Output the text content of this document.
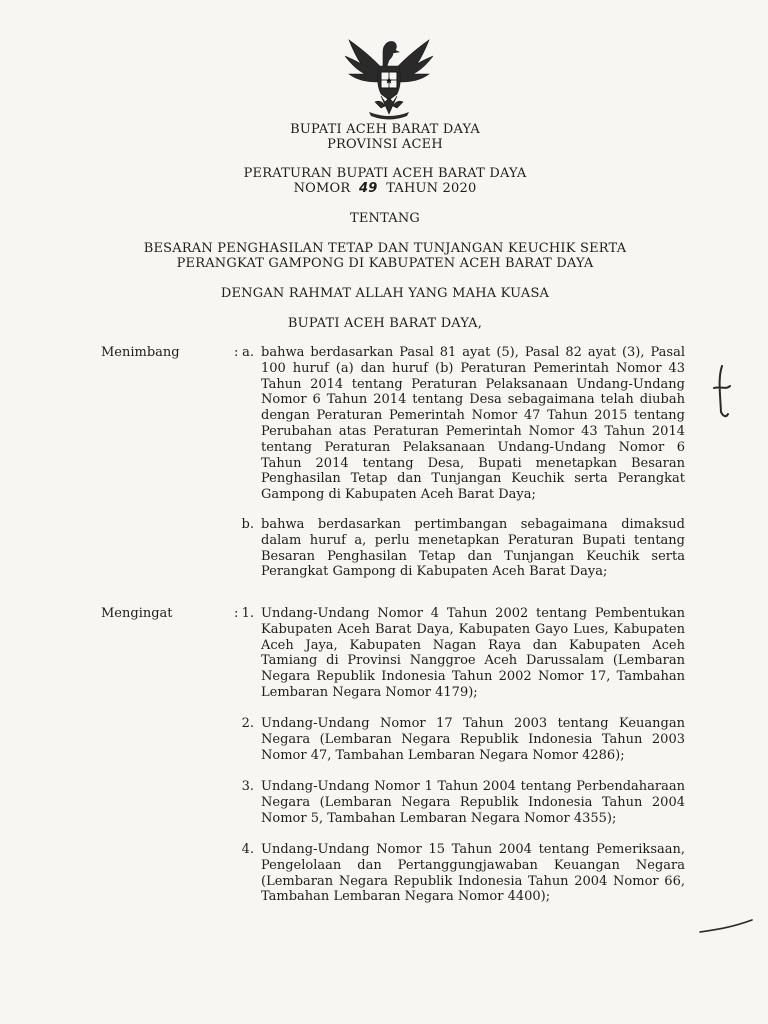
BUPATI ACEH BARAT DAYA
PROVINSI ACEH
PERATURAN BUPATI ACEH BARAT DAYA
NOMOR 49 TAHUN 2020
TENTANG
BESARAN PENGHASILAN TETAP DAN TUNJANGAN KEUCHIK SERTA
PERANGKAT GAMPONG DI KABUPATEN ACEH BARAT DAYA
DENGAN RAHMAT ALLAH YANG MAHA KUASA
BUPATI ACEH BARAT DAYA,
Menimbang	: a. bahwa berdasarkan Pasal 81 ayat (5), Pasal 82 ayat (3), Pasal 100 huruf (a) dan huruf (b) Peraturan Pemerintah Nomor 43 Tahun 2014 tentang Peraturan Pelaksanaan Undang-Undang Nomor 6 Tahun 2014 tentang Desa sebagaimana telah diubah dengan Peraturan Pemerintah Nomor 47 Tahun 2015 tentang Perubahan atas Peraturan Pemerintah Nomor 43 Tahun 2014 tentang Peraturan Pelaksanaan Undang-Undang Nomor 6 Tahun 2014 tentang Desa, Bupati menetapkan Besaran Penghasilan Tetap dan Tunjangan Keuchik serta Perangkat Gampong di Kabupaten Aceh Barat Daya;
b. bahwa berdasarkan pertimbangan sebagaimana dimaksud dalam huruf a, perlu menetapkan Peraturan Bupati tentang Besaran Penghasilan Tetap dan Tunjangan Keuchik serta Perangkat Gampong di Kabupaten Aceh Barat Daya;
Mengingat	: 1. Undang-Undang Nomor 4 Tahun 2002 tentang Pembentukan Kabupaten Aceh Barat Daya, Kabupaten Gayo Lues, Kabupaten Aceh Jaya, Kabupaten Nagan Raya dan Kabupaten Aceh Tamiang di Provinsi Nanggroe Aceh Darussalam (Lembaran Negara Republik Indonesia Tahun 2002 Nomor 17, Tambahan Lembaran Negara Nomor 4179);
2. Undang-Undang Nomor 17 Tahun 2003 tentang Keuangan Negara (Lembaran Negara Republik Indonesia Tahun 2003 Nomor 47, Tambahan Lembaran Negara Nomor 4286);
3. Undang-Undang Nomor 1 Tahun 2004 tentang Perbendaharaan Negara (Lembaran Negara Republik Indonesia Tahun 2004 Nomor 5, Tambahan Lembaran Negara Nomor 4355);
4. Undang-Undang Nomor 15 Tahun 2004 tentang Pemeriksaan, Pengelolaan dan Pertanggungjawaban Keuangan Negara (Lembaran Negara Republik Indonesia Tahun 2004 Nomor 66, Tambahan Lembaran Negara Nomor 4400);
